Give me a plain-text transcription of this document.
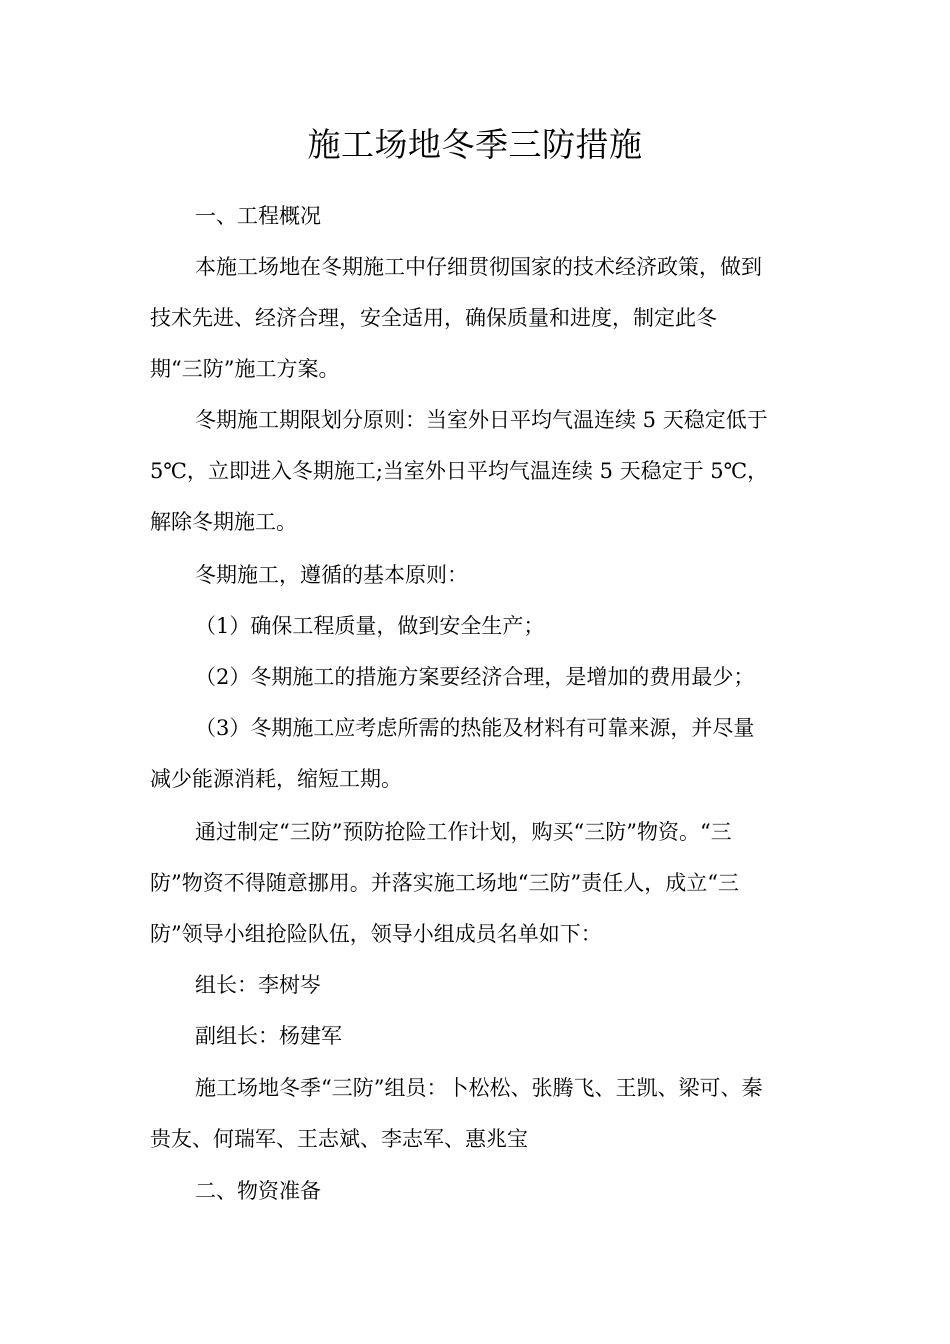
施工场地冬季三防措施
一、工程概况
本施工场地在冬期施工中仔细贯彻国家的技术经济政策，做到
技术先进、经济合理，安全适用，确保质量和进度，制定此冬
期“三防”施工方案。
冬期施工期限划分原则：当室外日平均气温连续 5 天稳定低于
5℃，立即进入冬期施工;当室外日平均气温连续 5 天稳定于 5℃，
解除冬期施工。
冬期施工，遵循的基本原则：
（1）确保工程质量，做到安全生产；
（2）冬期施工的措施方案要经济合理，是增加的费用最少；
（3）冬期施工应考虑所需的热能及材料有可靠来源，并尽量
减少能源消耗，缩短工期。
通过制定“三防”预防抢险工作计划，购买“三防”物资。“三
防”物资不得随意挪用。并落实施工场地“三防”责任人，成立“三
防”领导小组抢险队伍，领导小组成员名单如下：
组长：李树岑
副组长：杨建军
施工场地冬季“三防”组员：卜松松、张腾飞、王凯、梁可、秦
贵友、何瑞军、王志斌、李志军、惠兆宝
二、物资准备
